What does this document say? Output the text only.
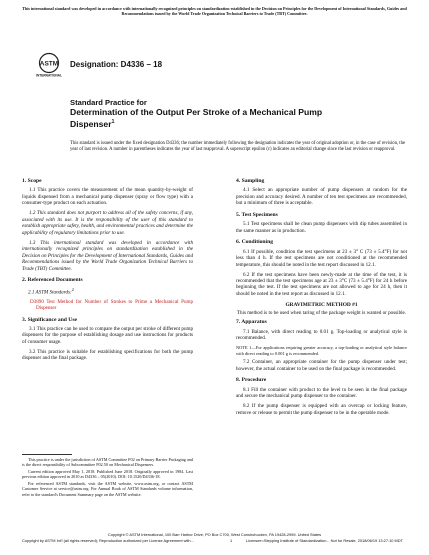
This international standard was developed in accordance with internationally recognized principles on standardization established in the Decision on Principles for the Development of International Standards, Guides and Recommendations issued by the World Trade Organization Technical Barriers to Trade (TBT) Committee.
ASTM
INTERNATIONAL
Designation: D4336 – 18
Standard Practice for
Determination of the Output Per Stroke of a Mechanical Pump Dispenser$^1$
This standard is issued under the fixed designation D4336; the number immediately following the designation indicates the year of original adoption or, in the case of revision, the year of last revision. A number in parentheses indicates the year of last reapproval. A superscript epsilon (ε) indicates an editorial change since the last revision or reapproval.
1. Scope

1.1 This practice covers the measurement of the mean quantity-by-weight of liquids dispensed from a mechanical pump dispenser (spray or flow type) with a consumer-type product on each actuation.

1.2 This standard does not purport to address all of the safety concerns, if any, associated with its use. It is the responsibility of the user of this standard to establish appropriate safety, health, and environmental practices and determine the applicability of regulatory limitations prior to use.

1.3 This international standard was developed in accordance with internationally recognized principles on standardization established in the Decision on Principles for the Development of International Standards, Guides and Recommendations issued by the World Trade Organization Technical Barriers to Trade (TBT) Committee.

2. Referenced Documents

2.1 ASTM Standards:$^2$

D3890 Test Method for Number of Strokes to Prime a Mechanical Pump Dispenser

3. Significance and Use

3.1 This practice can be used to compare the output per stroke of different pump dispensers for the purpose of establishing dosage and use instructions for products of consumer usage.

3.2 This practice is suitable for establishing specifications for both the pump dispenser and the final package.

This practice is under the jurisdiction of ASTM Committee F02 on Primary Barrier Packaging and is the direct responsibility of Subcommittee F02.50 on Mechanical Dispensers.

Current edition approved May 1, 2018. Published June 2018. Originally approved in 1984. Last previous edition approved in 2010 as D4336 – 05(2010). DOI: 10.1520/D4336-18.

For referenced ASTM standards, visit the ASTM website, www.astm.org, or contact ASTM Customer Service at service@astm.org. For Annual Book of ASTM Standards volume information, refer to the standard's Document Summary page on the ASTM website.

4. Sampling

4.1 Select an appropriate number of pump dispensers at random for the precision and accuracy desired. A number of ten test specimens are recommended, but a minimum of three is acceptable.

5. Test Specimens

5.1 Test specimens shall be clean pump dispensers with dip tubes assembled in the same manner as in production.

6. Conditioning

6.1 If possible, condition the test specimens at 23 ± 3° C (73 ± 5.4°F) for not less than 4 h. If the test specimens are not conditioned at the recommended temperature, this should be noted in the test report discussed in 12.1.

6.2 If the test specimens have been newly-made at the time of the test, it is recommended that the test specimens age at 23 ± 3°C (73 ± 5.4°F) for 24 h before beginning the test. If the test specimens are not allowed to age for 24 h, then it should be noted in the test report as discussed in 12.1.

GRAVIMETRIC METHOD #1

This method is to be used when taring of the package weight is wanted or possible.

7. Apparatus

7.1 Balance, with direct reading to 0.01 g. Top-loading or analytical style is recommended.

NOTE 1—For applications requiring greater accuracy, a top-loading or analytical style balance with direct reading to 0.001 g is recommended.

7.2 Container, an appropriate container for the pump dispenser under test; however, the actual container to be used on the final package is recommended.

8. Procedure

8.1 Fill the container with product to the level to be seen in the final package and secure the mechanical pump dispenser to the container.

8.2 If the pump dispenser is equipped with an overcap or locking feature, remove or release to permit the pump dispenser to be in the operable mode.

Copyright © ASTM International, 100 Barr Harbor Drive, PO Box C700, West Conshohocken, PA 19428-2959. United States
Copyright by ASTM Int'l (all rights reserved); Reproduction authorized per License Agreement with...	1	Licensee=Stepping Institute of Standardization... Not for Resale, 2018/06/19 13:27:10 MDT
